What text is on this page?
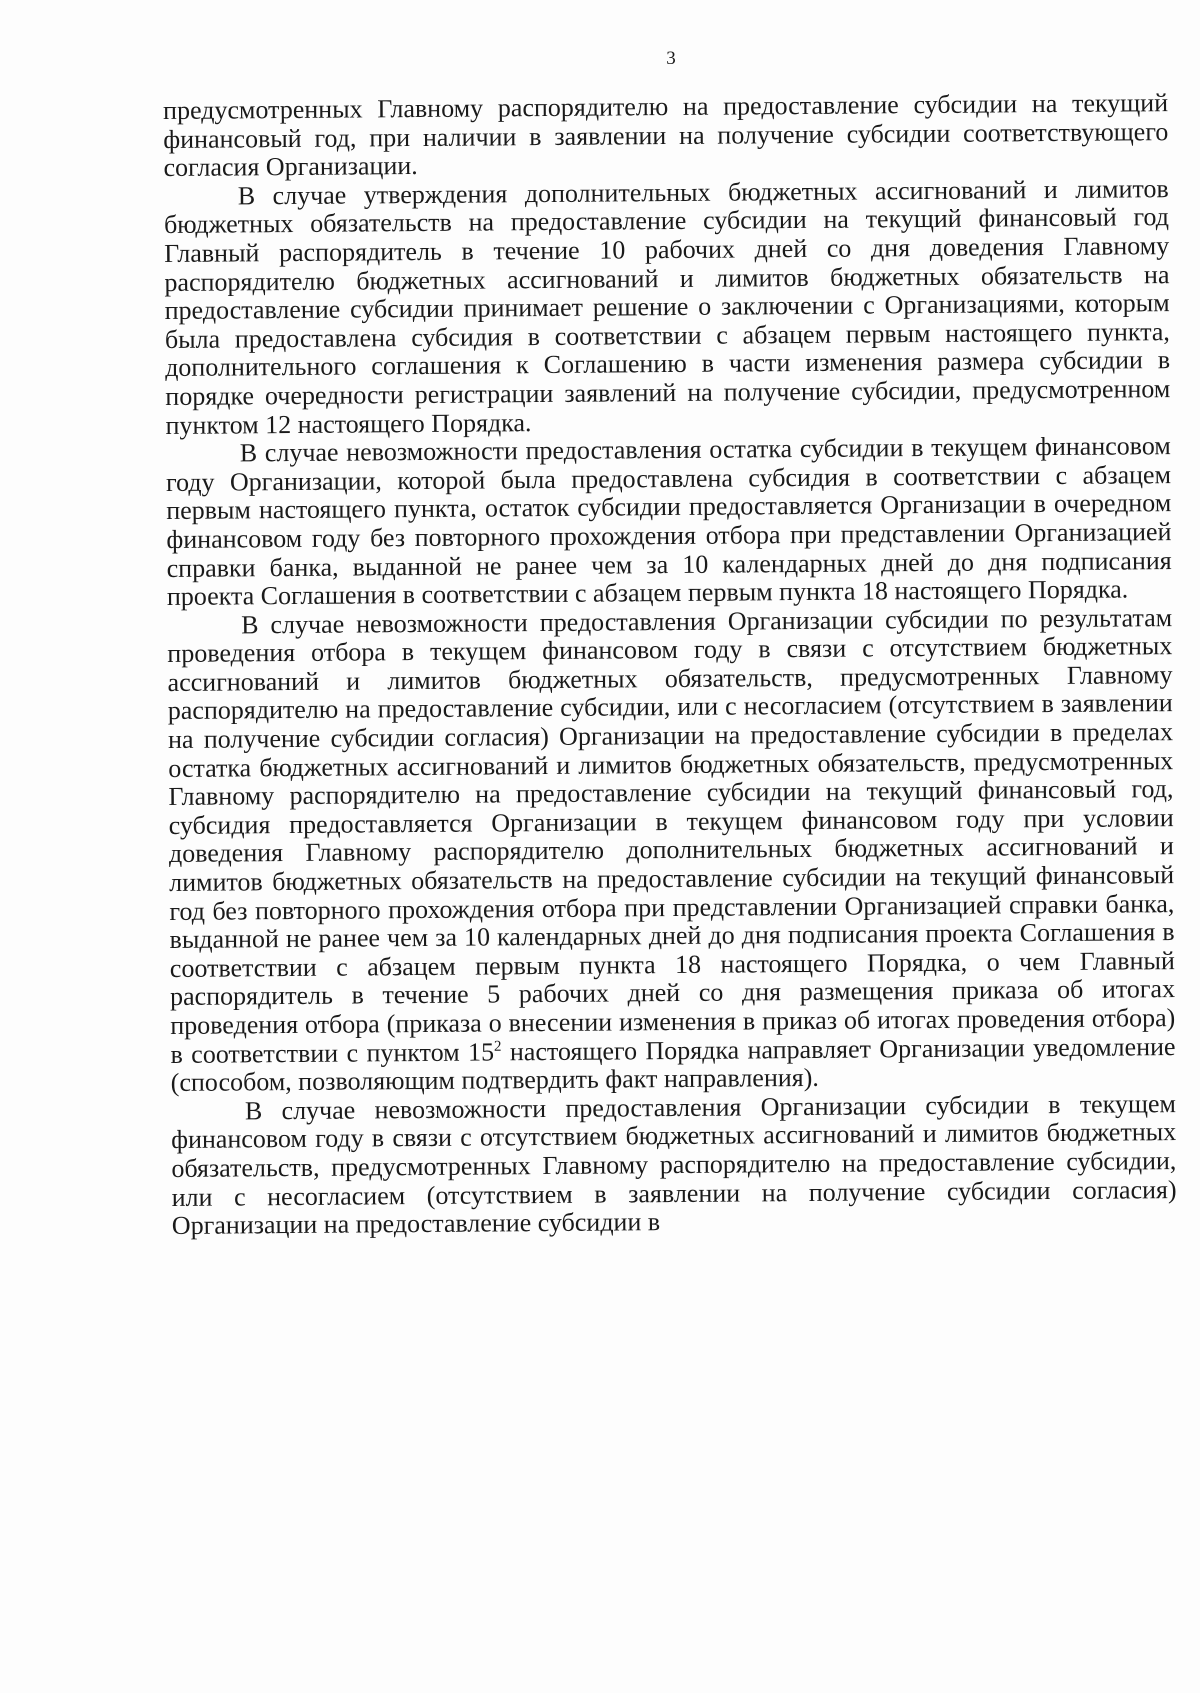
3

предусмотренных Главному распорядителю на предоставление субсидии на текущий финансовый год, при наличии в заявлении на получение субсидии соответствующего согласия Организации.

В случае утверждения дополнительных бюджетных ассигнований и лимитов бюджетных обязательств на предоставление субсидии на текущий финансовый год Главный распорядитель в течение 10 рабочих дней со дня доведения Главному распорядителю бюджетных ассигнований и лимитов бюджетных обязательств на предоставление субсидии принимает решение о заключении с Организациями, которым была предоставлена субсидия в соответствии с абзацем первым настоящего пункта, дополнительного соглашения к Соглашению в части изменения размера субсидии в порядке очередности регистрации заявлений на получение субсидии, предусмотренном пунктом 12 настоящего Порядка.

В случае невозможности предоставления остатка субсидии в текущем финансовом году Организации, которой была предоставлена субсидия в соответствии с абзацем первым настоящего пункта, остаток субсидии предоставляется Организации в очередном финансовом году без повторного прохождения отбора при представлении Организацией справки банка, выданной не ранее чем за 10 календарных дней до дня подписания проекта Соглашения в соответствии с абзацем первым пункта 18 настоящего Порядка.

В случае невозможности предоставления Организации субсидии по результатам проведения отбора в текущем финансовом году в связи с отсутствием бюджетных ассигнований и лимитов бюджетных обязательств, предусмотренных Главному распорядителю на предоставление субсидии, или с несогласием (отсутствием в заявлении на получение субсидии согласия) Организации на предоставление субсидии в пределах остатка бюджетных ассигнований и лимитов бюджетных обязательств, предусмотренных Главному распорядителю на предоставление субсидии на текущий финансовый год, субсидия предоставляется Организации в текущем финансовом году при условии доведения Главному распорядителю дополнительных бюджетных ассигнований и лимитов бюджетных обязательств на предоставление субсидии на текущий финансовый год без повторного прохождения отбора при представлении Организацией справки банка, выданной не ранее чем за 10 календарных дней до дня подписания проекта Соглашения в соответствии с абзацем первым пункта 18 настоящего Порядка, о чем Главный распорядитель в течение 5 рабочих дней со дня размещения приказа об итогах проведения отбора (приказа о внесении изменения в приказ об итогах проведения отбора) в соответствии с пунктом $15^2$ настоящего Порядка направляет Организации уведомление (способом, позволяющим подтвердить факт направления).

В случае невозможности предоставления Организации субсидии в текущем финансовом году в связи с отсутствием бюджетных ассигнований и лимитов бюджетных обязательств, предусмотренных Главному распорядителю на предоставление субсидии, или с несогласием (отсутствием в заявлении на получение субсидии согласия) Организации на предоставление субсидии в
